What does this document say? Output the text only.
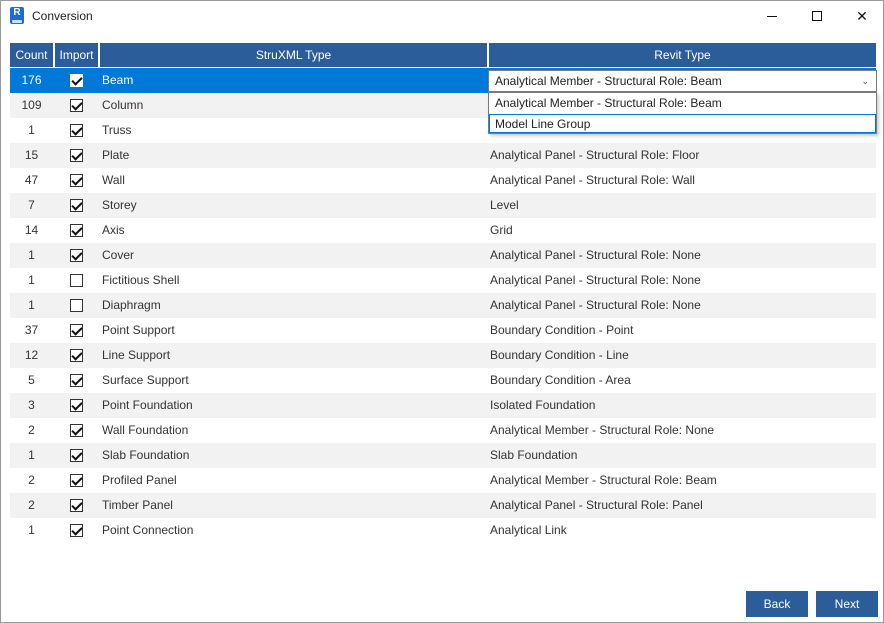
R Conversion	✕
Count Import	StruXML Type	Revit Type
176	Beam
109	Column
1	Truss
15	Plate	Analytical Panel - Structural Role: Floor
47	Wall	Analytical Panel - Structural Role: Wall
7	Storey	Level
14	Axis	Grid
1	Cover	Analytical Panel - Structural Role: None
1	Fictitious Shell	Analytical Panel - Structural Role: None
1	Diaphragm	Analytical Panel - Structural Role: None
37	Point Support	Boundary Condition - Point
12	Line Support	Boundary Condition - Line
5	Surface Support	Boundary Condition - Area
3	Point Foundation	Isolated Foundation
2	Wall Foundation	Analytical Member - Structural Role: None
1	Slab Foundation	Slab Foundation
2	Profiled Panel	Analytical Member - Structural Role: Beam
2	Timber Panel	Analytical Panel - Structural Role: Panel
1	Point Connection	Analytical Link
Analytical Member - Structural Role: Beam	⌄
Analytical Member - Structural Role: Beam
Model Line Group
Back	Next
